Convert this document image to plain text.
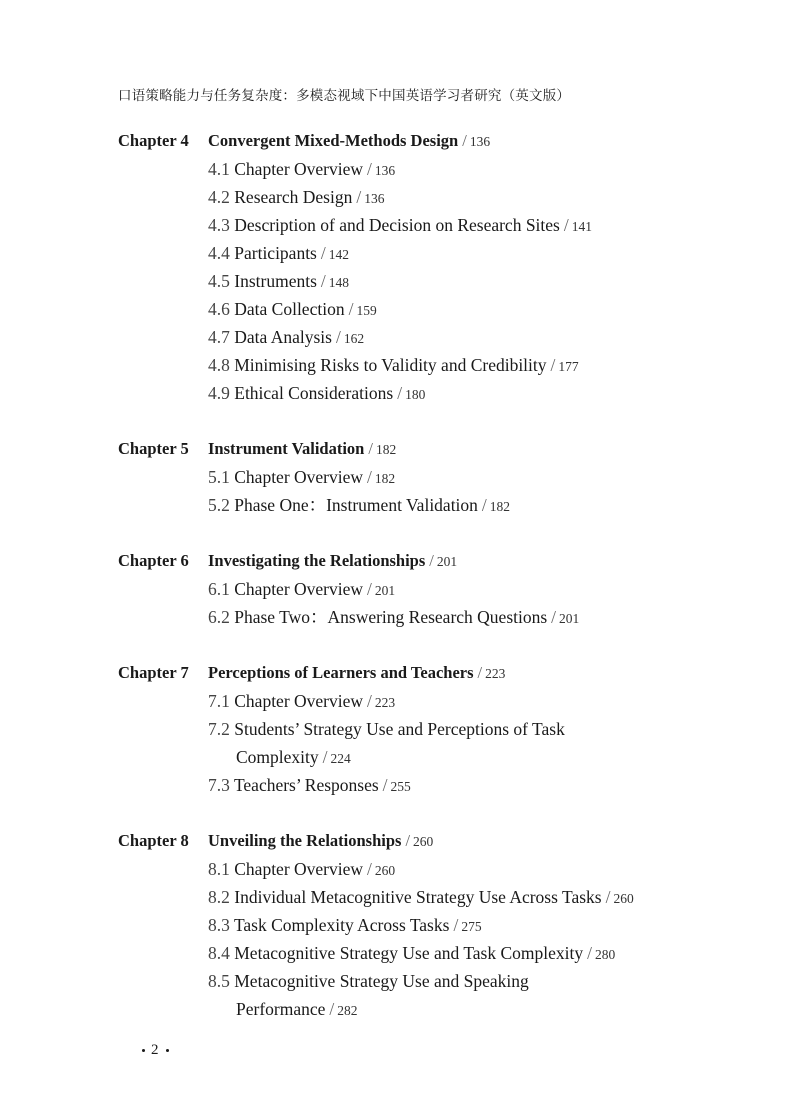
口语策略能力与任务复杂度：多模态视域下中国英语学习者研究（英文版）
Chapter 4 Convergent Mixed-Methods Design / 136
4.1 Chapter Overview / 136
4.2 Research Design / 136
4.3 Description of and Decision on Research Sites / 141
4.4 Participants / 142
4.5 Instruments / 148
4.6 Data Collection / 159
4.7 Data Analysis / 162
4.8 Minimising Risks to Validity and Credibility / 177
4.9 Ethical Considerations / 180
Chapter 5 Instrument Validation / 182
5.1 Chapter Overview / 182
5.2 Phase One：Instrument Validation / 182
Chapter 6 Investigating the Relationships / 201
6.1 Chapter Overview / 201
6.2 Phase Two：Answering Research Questions / 201
Chapter 7 Perceptions of Learners and Teachers / 223
7.1 Chapter Overview / 223
7.2 Students’ Strategy Use and Perceptions of Task
Complexity / 224
7.3 Teachers’ Responses / 255
Chapter 8 Unveiling the Relationships / 260
8.1 Chapter Overview / 260
8.2 Individual Metacognitive Strategy Use Across Tasks / 260
8.3 Task Complexity Across Tasks / 275
8.4 Metacognitive Strategy Use and Task Complexity / 280
8.5 Metacognitive Strategy Use and Speaking
Performance / 282
2
